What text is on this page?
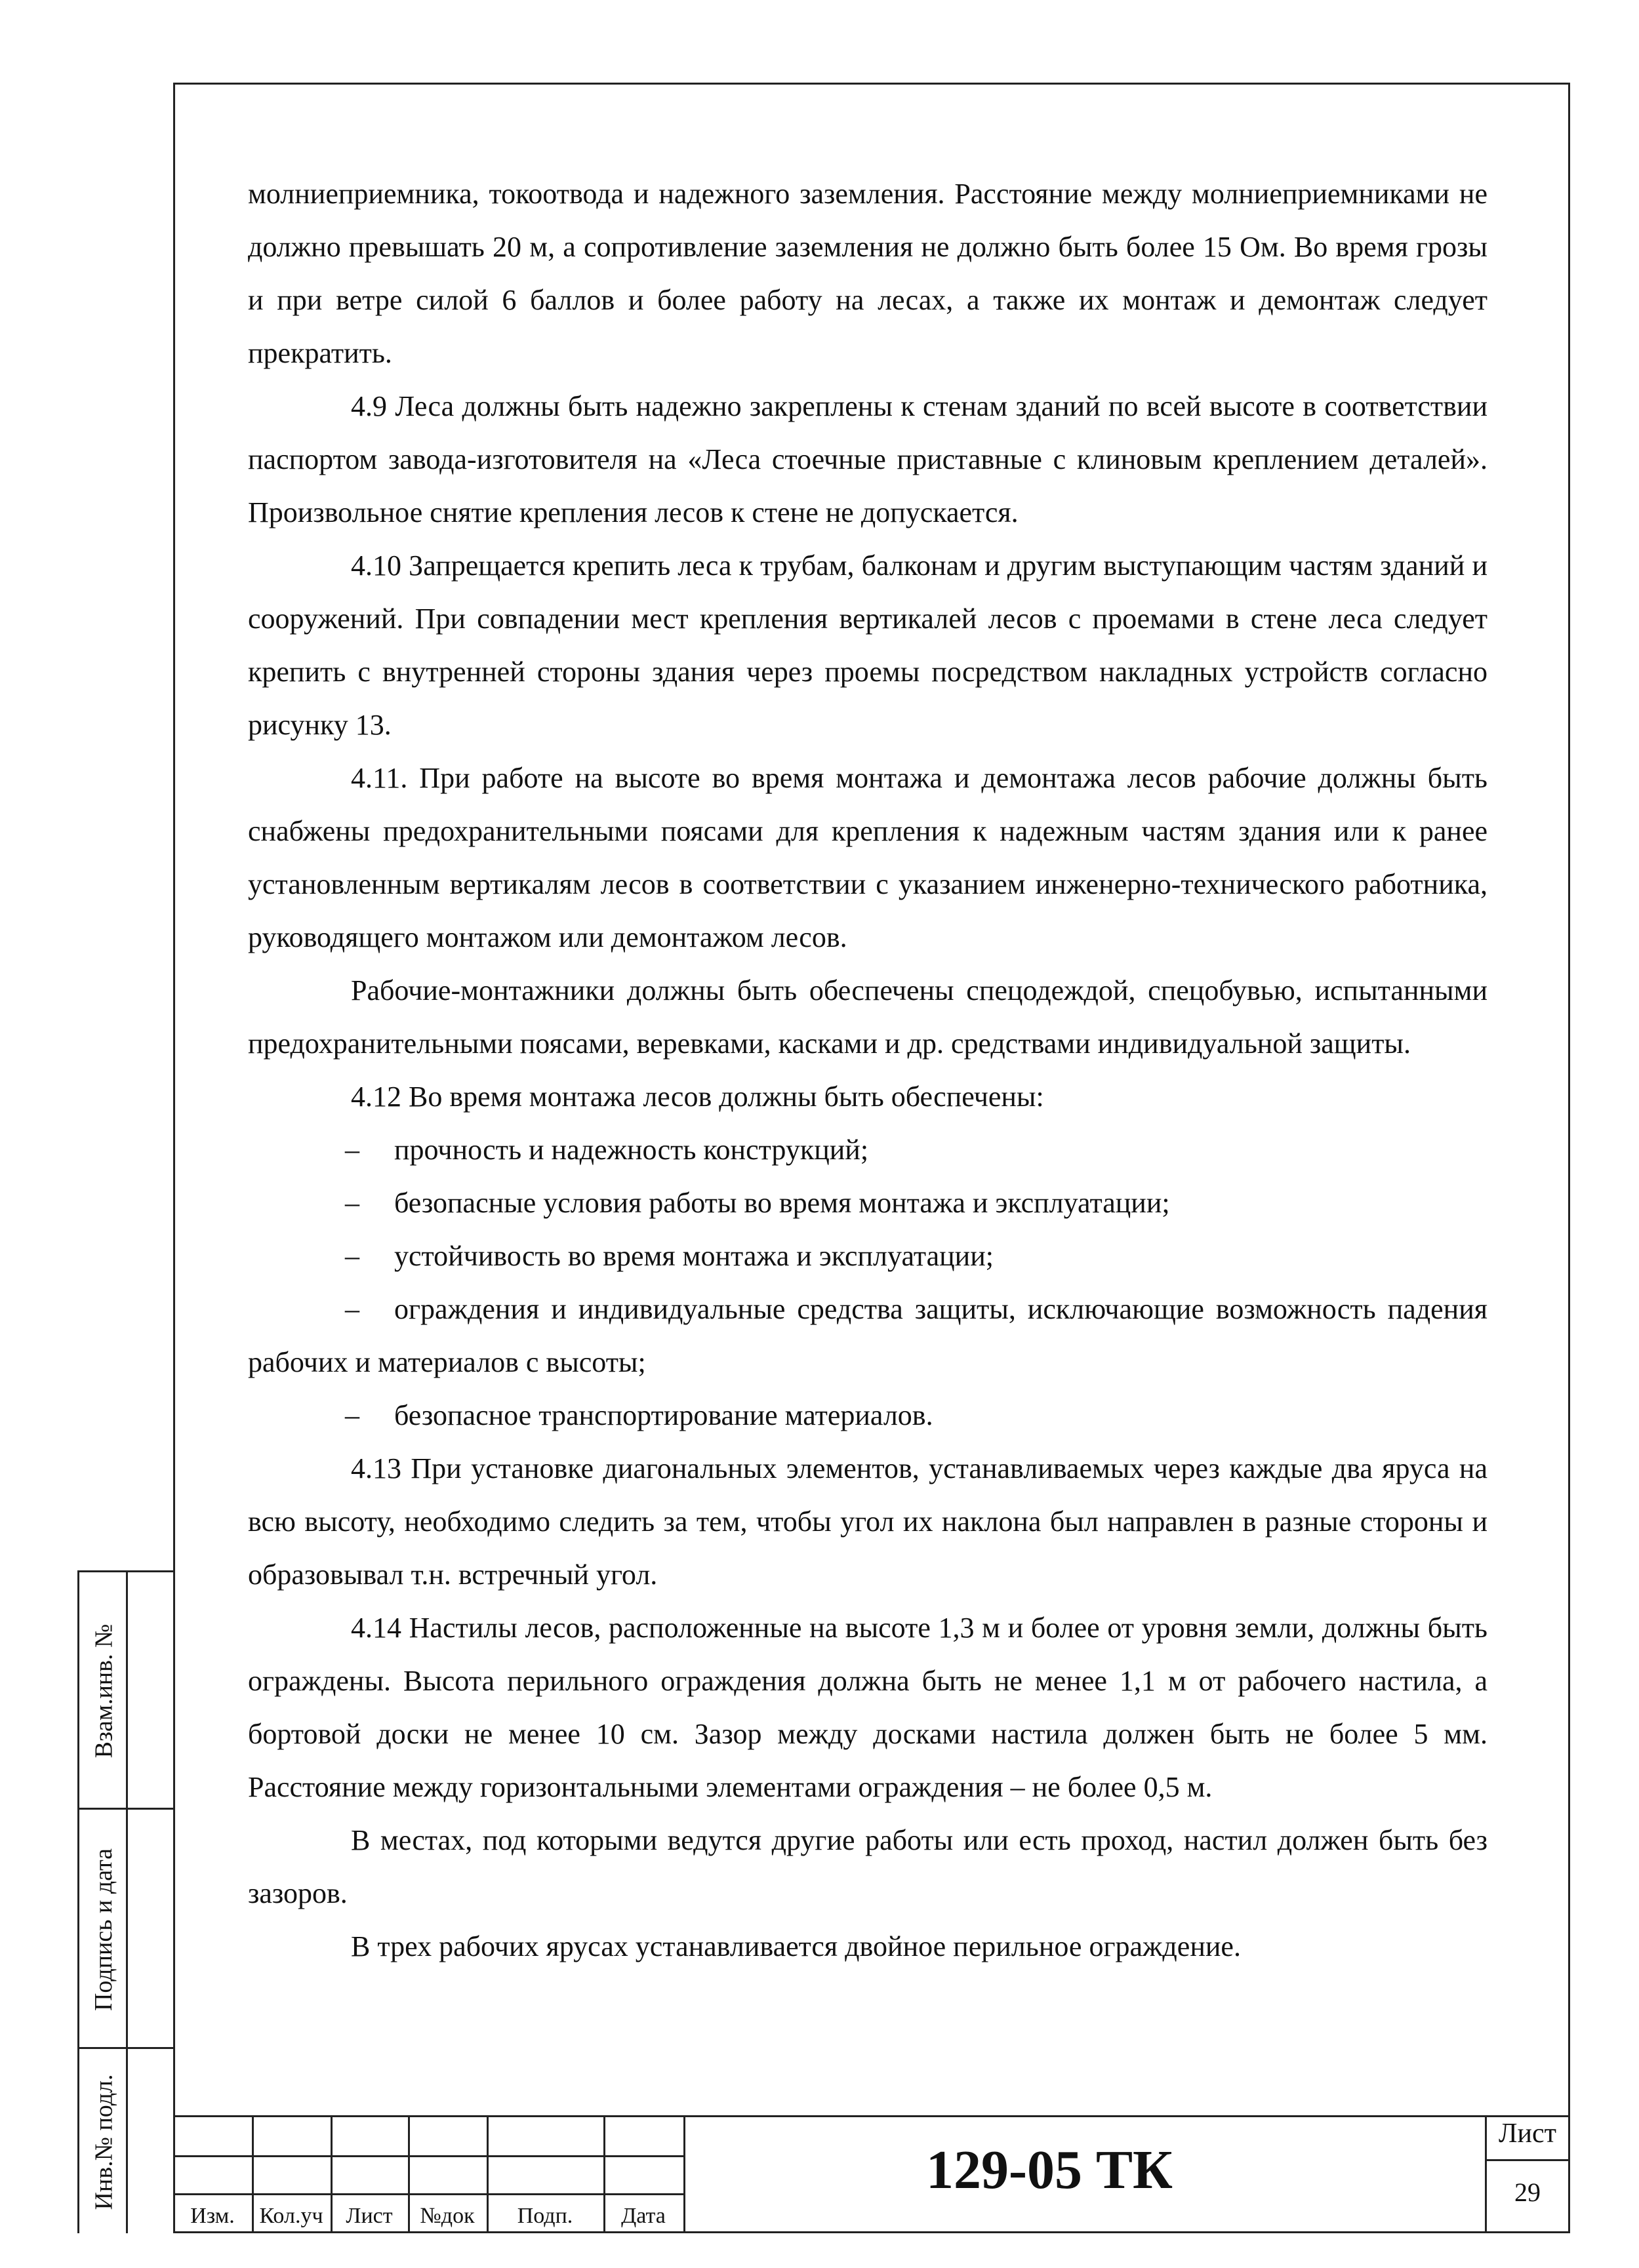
молниеприемника, токоотвода и надежного заземления. Расстояние между молниеприемниками не должно превышать 20 м, а сопротивление заземления не должно быть более 15 Ом. Во время грозы и при ветре силой 6 баллов и более работу на лесах, а также их монтаж и демонтаж следует прекратить.

4.9 Леса должны быть надежно закреплены к стенам зданий по всей высоте в соответствии паспортом завода-изготовителя на «Леса стоечные приставные с клиновым креплением деталей». Произвольное снятие крепления лесов к стене не допускается.

4.10 Запрещается крепить леса к трубам, балконам и другим выступающим частям зданий и сооружений. При совпадении мест крепления вертикалей лесов с проемами в стене леса следует крепить с внутренней стороны здания через проемы посредством накладных устройств согласно рисунку 13.

4.11. При работе на высоте во время монтажа и демонтажа лесов рабочие должны быть снабжены предохранительными поясами для крепления к надежным частям здания или к ранее установленным вертикалям лесов в соответствии с указанием инженерно-технического работника, руководящего монтажом или демонтажом лесов.

Рабочие-монтажники должны быть обеспечены спецодеждой, спецобувью, испытанными предохранительными поясами, веревками, касками и др. средствами индивидуальной защиты.

4.12 Во время монтажа лесов должны быть обеспечены:

– прочность и надежность конструкций;

– безопасные условия работы во время монтажа и эксплуатации;

– устойчивость во время монтажа и эксплуатации;

– ограждения и индивидуальные средства защиты, исключающие возможность падения рабочих и материалов с высоты;

– безопасное транспортирование материалов.

4.13 При установке диагональных элементов, устанавливаемых через каждые два яруса на всю высоту, необходимо следить за тем, чтобы угол их наклона был направлен в разные стороны и образовывал т.н. встречный угол.

4.14 Настилы лесов, расположенные на высоте 1,3 м и более от уровня земли, должны быть ограждены. Высота перильного ограждения должна быть не менее 1,1 м от рабочего настила, а бортовой доски не менее 10 см. Зазор между досками настила должен быть не более 5 мм. Расстояние между горизонтальными элементами ограждения – не более 0,5 м.

В местах, под которыми ведутся другие работы или есть проход, настил должен быть без зазоров.

В трех рабочих ярусах устанавливается двойное перильное ограждение.

Взам.инв. №
Подпись и дата
Инв.№ подл.
Изм.	Кол.уч	Лист	№док	Подп.	Дата
129-05 ТК
Лист
29
